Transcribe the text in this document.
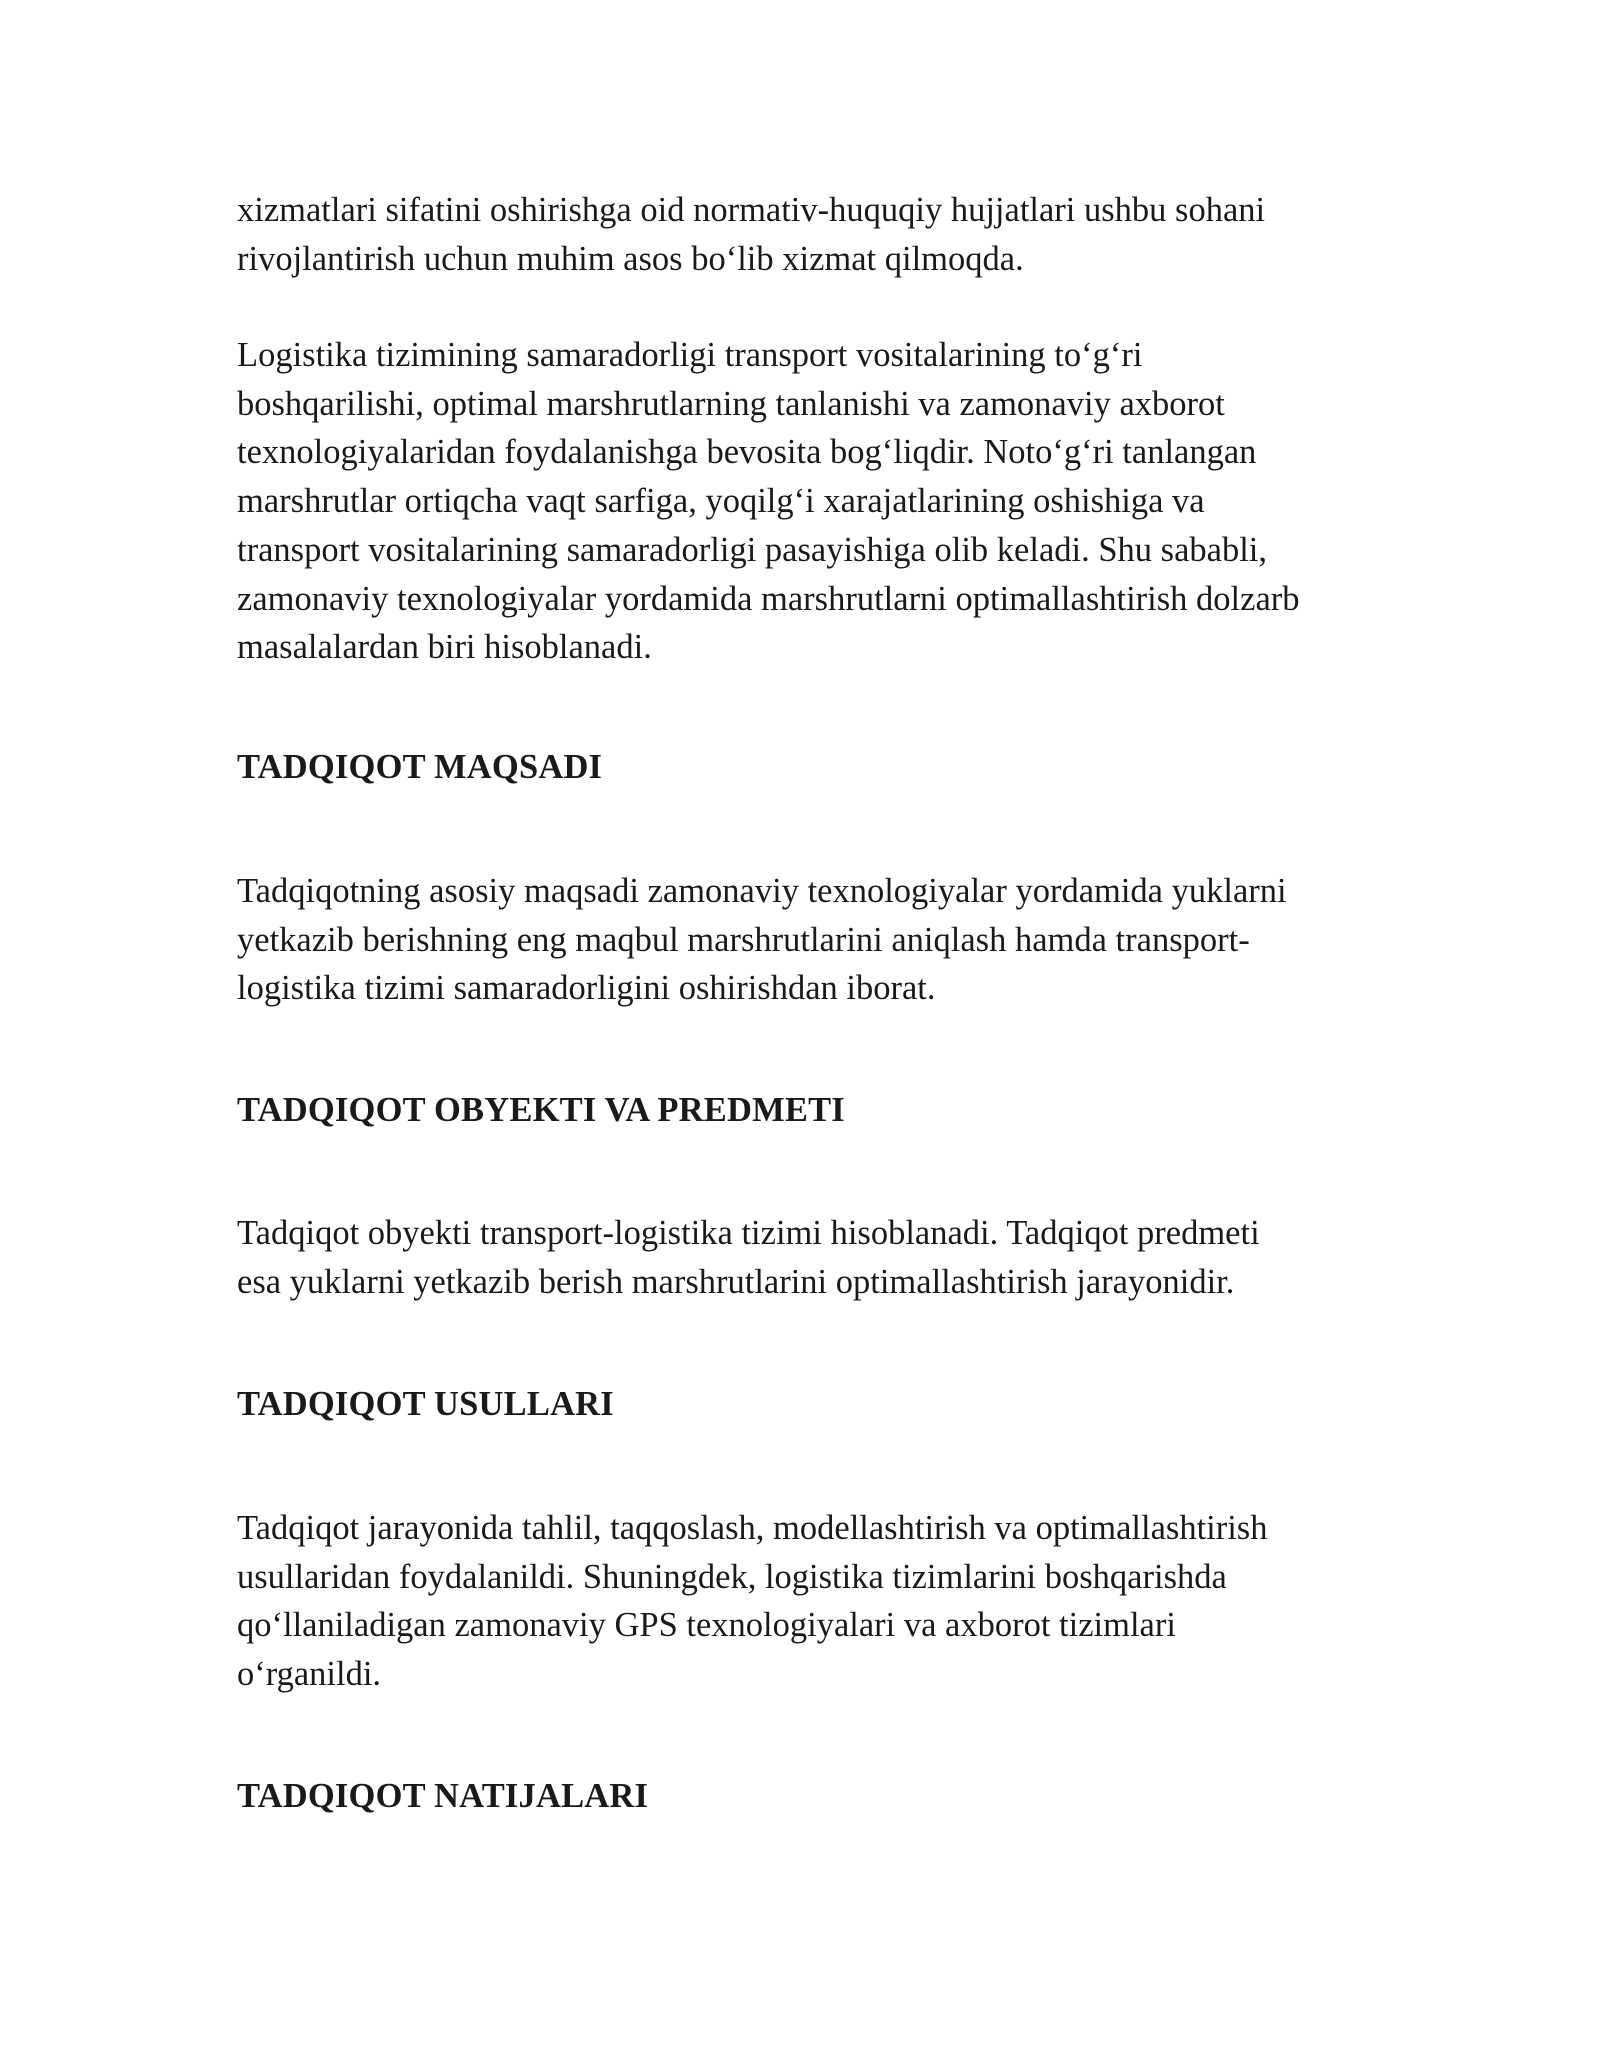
xizmatlari sifatini oshirishga oid normativ-huquqiy hujjatlari ushbu sohani
rivojlantirish uchun muhim asos bo‘lib xizmat qilmoqda.

Logistika tizimining samaradorligi transport vositalarining to‘g‘ri
boshqarilishi, optimal marshrutlarning tanlanishi va zamonaviy axborot
texnologiyalaridan foydalanishga bevosita bog‘liqdir. Noto‘g‘ri tanlangan
marshrutlar ortiqcha vaqt sarfiga, yoqilg‘i xarajatlarining oshishiga va
transport vositalarining samaradorligi pasayishiga olib keladi. Shu sababli,
zamonaviy texnologiyalar yordamida marshrutlarni optimallashtirish dolzarb
masalalardan biri hisoblanadi.

TADQIQOT MAQSADI

Tadqiqotning asosiy maqsadi zamonaviy texnologiyalar yordamida yuklarni
yetkazib berishning eng maqbul marshrutlarini aniqlash hamda transport-
logistika tizimi samaradorligini oshirishdan iborat.

TADQIQOT OBYEKTI VA PREDMETI

Tadqiqot obyekti transport-logistika tizimi hisoblanadi. Tadqiqot predmeti
esa yuklarni yetkazib berish marshrutlarini optimallashtirish jarayonidir.

TADQIQOT USULLARI

Tadqiqot jarayonida tahlil, taqqoslash, modellashtirish va optimallashtirish
usullaridan foydalanildi. Shuningdek, logistika tizimlarini boshqarishda
qo‘llaniladigan zamonaviy GPS texnologiyalari va axborot tizimlari
o‘rganildi.

TADQIQOT NATIJALARI
